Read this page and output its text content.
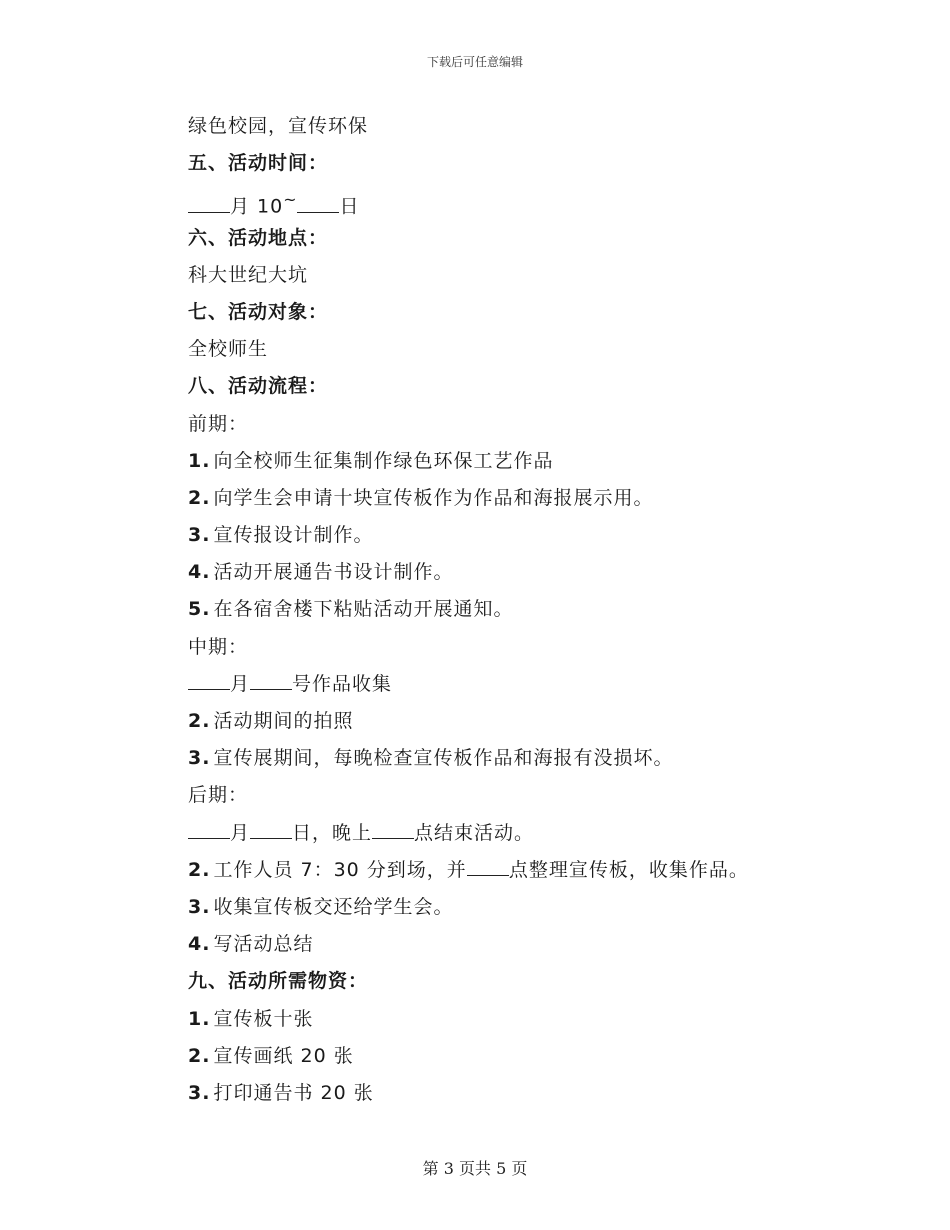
下载后可任意编辑
绿色校园，宣传环保
五、活动时间：
月 10~ 日
六、活动地点：
科大世纪大坑
七、活动对象：
全校师生
八、活动流程：
前期：
1. 向全校师生征集制作绿色环保工艺作品
2. 向学生会申请十块宣传板作为作品和海报展示用。
3. 宣传报设计制作。
4. 活动开展通告书设计制作。
5. 在各宿舍楼下粘贴活动开展通知。
中期：
月 号作品收集
2. 活动期间的拍照
3. 宣传展期间，每晚检查宣传板作品和海报有没损坏。
后期：
月 日，晚上 点结束活动。
2. 工作人员 7：30 分到场，并 点整理宣传板，收集作品。
3. 收集宣传板交还给学生会。
4. 写活动总结
九、活动所需物资：
1. 宣传板十张
2. 宣传画纸 20 张
3. 打印通告书 20 张
第 3 页共 5 页
